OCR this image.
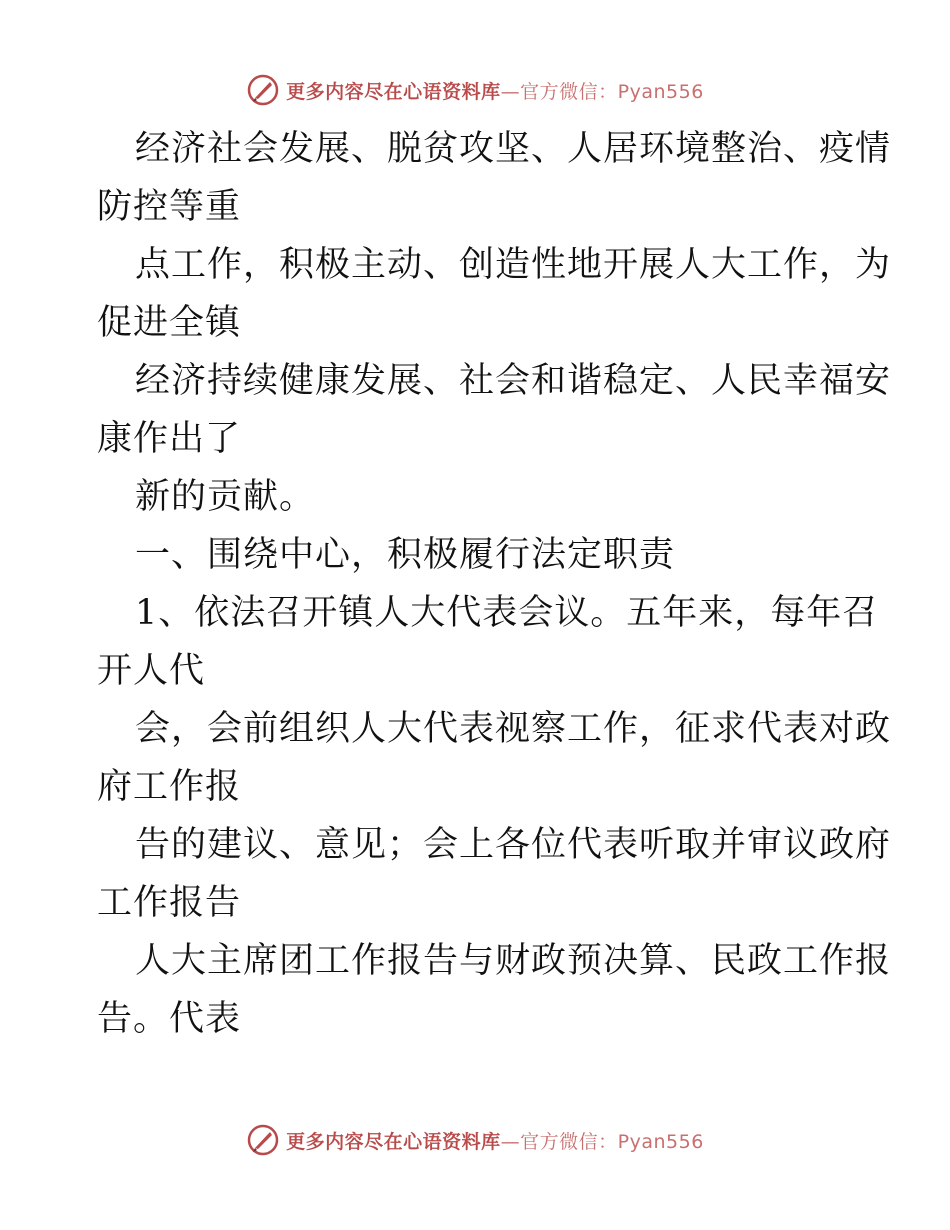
更多内容尽在心语资料库 —官方微信：Pyan556
经济社会发展、脱贫攻坚、人居环境整治、疫情
防控等重
点工作，积极主动、创造性地开展人大工作，为
促进全镇
经济持续健康发展、社会和谐稳定、人民幸福安
康作出了
新的贡献。
一、围绕中心，积极履行法定职责
1、依法召开镇人大代表会议。五年来，每年召
开人代
会，会前组织人大代表视察工作，征求代表对政
府工作报
告的建议、意见；会上各位代表听取并审议政府
工作报告
人大主席团工作报告与财政预决算、民政工作报
告。代表
更多内容尽在心语资料库 —官方微信：Pyan556
